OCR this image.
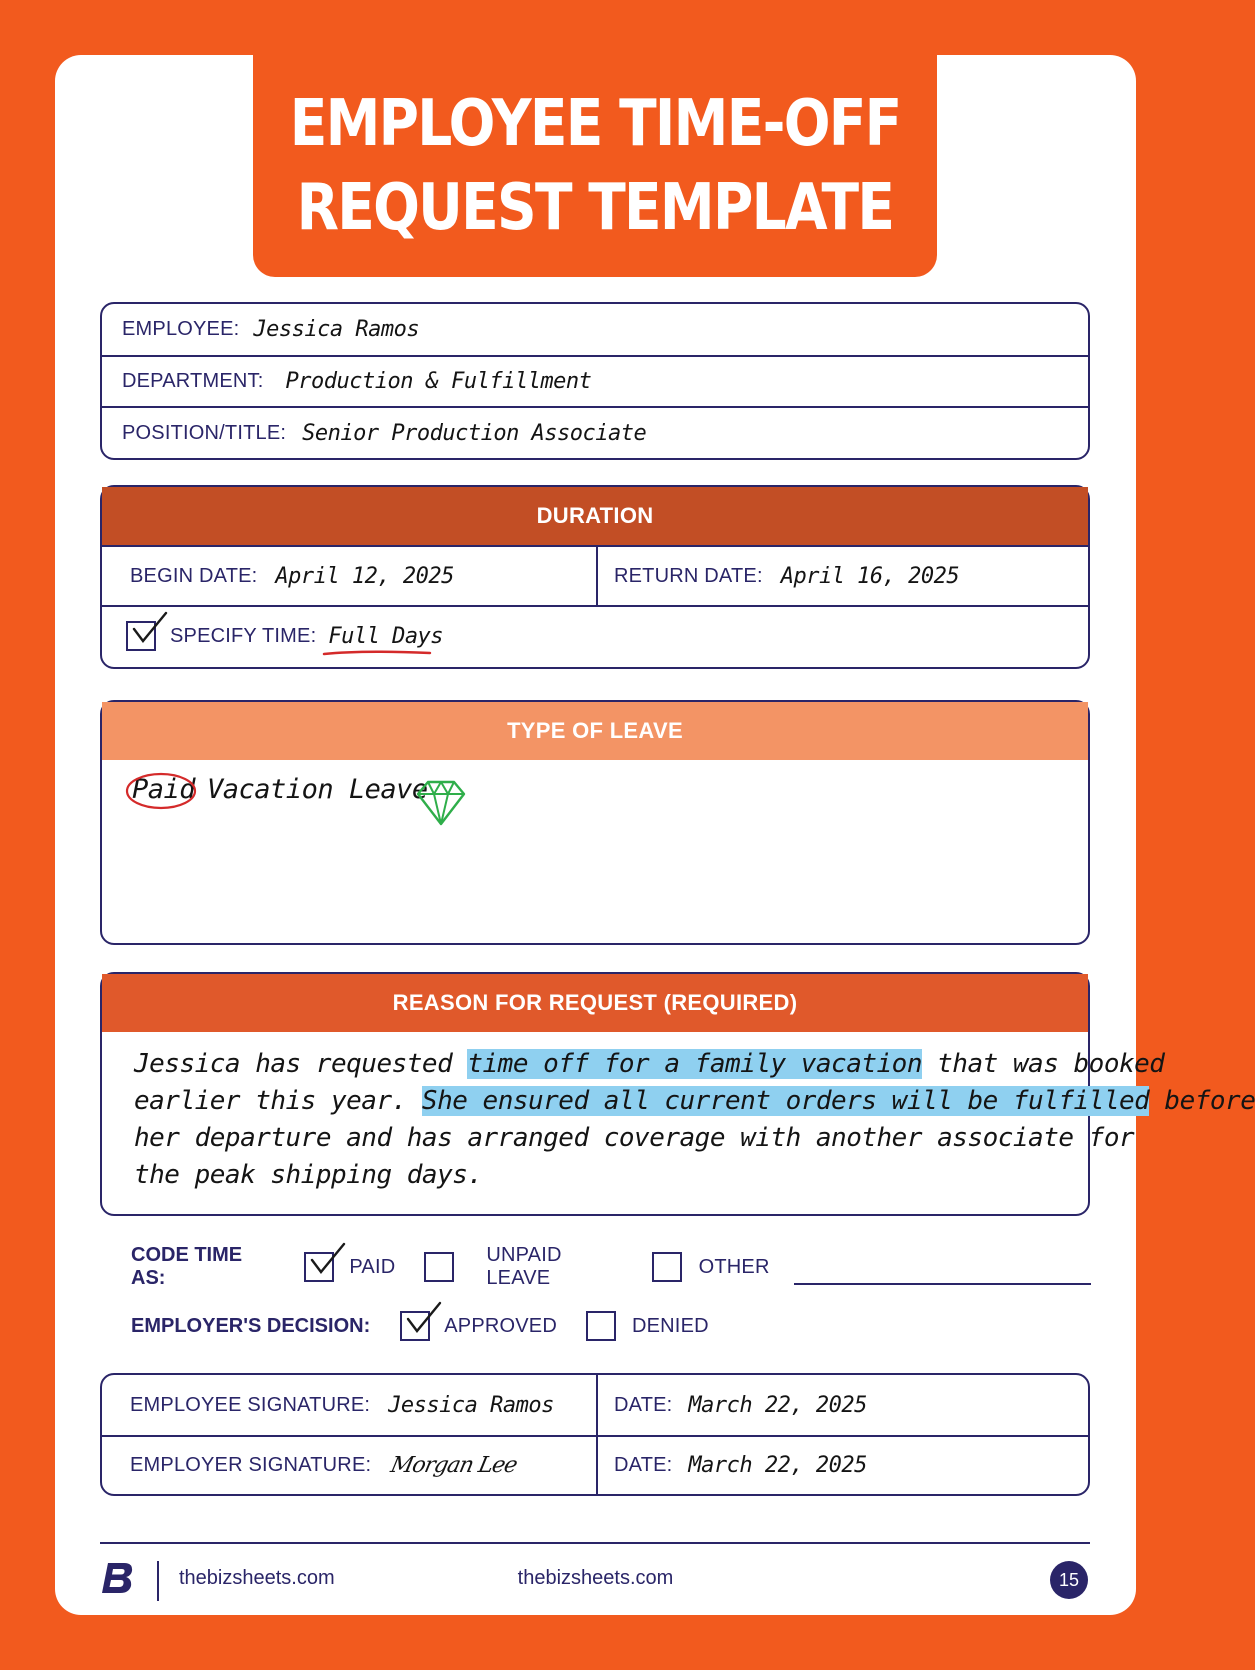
EMPLOYEE TIME-OFF
REQUEST TEMPLATE
EMPLOYEE: Jessica Ramos
DEPARTMENT: Production & Fulfillment
POSITION/TITLE: Senior Production Associate
DURATION
BEGIN DATE: April 12, 2025	RETURN DATE: April 16, 2025
SPECIFY TIME: Full Days
TYPE OF LEAVE
Paid Vacation Leave
REASON FOR REQUEST (REQUIRED)
Jessica has requested time off for a family vacation that was booked
earlier this year. She ensured all current orders will be fulfilled before
her departure and has arranged coverage with another associate for
the peak shipping days.
CODE TIME AS:
PAID
UNPAID LEAVE
OTHER
EMPLOYER'S DECISION:	APPROVED	DENIED
EMPLOYEE SIGNATURE: Jessica Ramos	DATE: March 22, 2025
EMPLOYER SIGNATURE: Morgan Lee	DATE: March 22, 2025
thebizsheets.com	thebizsheets.com	15
